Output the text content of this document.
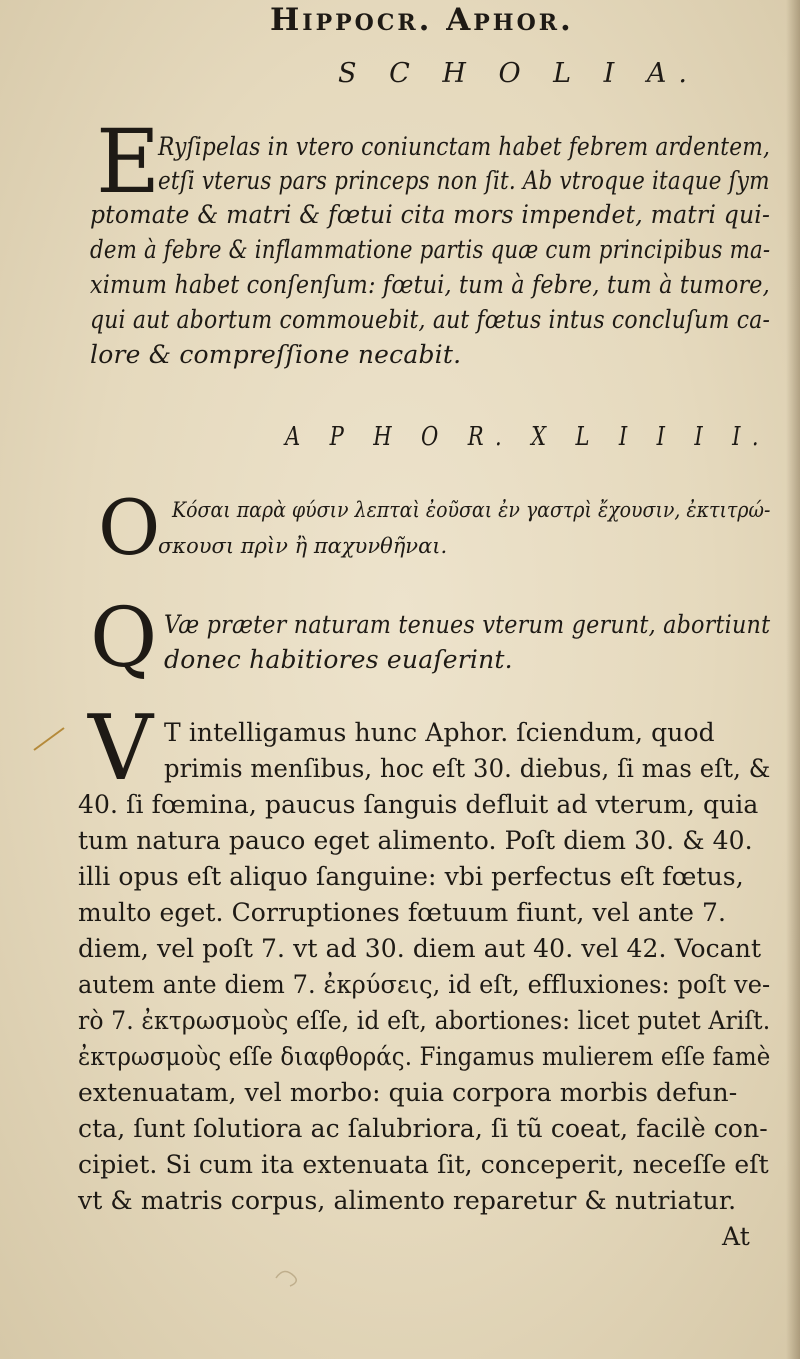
Hippocr. Aphor.
S C H O L I A.
E
Ryſipelas in vtero coniunctam habet febrem ardentem,
etſi vterus pars princeps non ſit. Ab vtroque itaque ſym
ptomate & matri & fœtui cita mors impendet, matri qui-
dem à febre & inflammatione partis quæ cum principibus ma-
ximum habet conſenſum: fœtui, tum à febre, tum à tumore,
qui aut abortum commouebit, aut fœtus intus concluſum ca-
lore & compreſſione necabit.
A P H O R. X L I I I I.
O Κόσαι παρὰ φύσιν λεπταὶ ἐοῦσαι ἐν γαστρὶ ἔχουσιν, ἐκτιτρώ-
σκουσι πρὶν ἢ παχυνθῆναι.
Q Væ præter naturam tenues vterum gerunt, abortiunt
donec habitiores euaſerint.
V T intelligamus hunc Aphor. ſciendum, quod
primis menſibus, hoc eſt 30. diebus, ſi mas eſt, &
40. ſi fœmina, paucus ſanguis defluit ad vterum, quia
tum natura pauco eget alimento. Poſt diem 30. & 40.
illi opus eſt aliquo ſanguine: vbi perfectus eſt fœtus,
multo eget. Corruptiones fœtuum fiunt, vel ante 7.
diem, vel poſt 7. vt ad 30. diem aut 40. vel 42. Vocant
autem ante diem 7. ἐκρύσεις, id eſt, effluxiones: poſt ve-
rò 7. ἐκτρωσμοὺς eſſe, id eſt, abortiones: licet putet Ariſt.
ἐκτρωσμοὺς eſſe διαφθοράς. Fingamus mulierem eſſe famè
extenuatam, vel morbo: quia corpora morbis defun-
cta, ſunt ſolutiora ac ſalubriora, ſi tũ coeat, facilè con-
cipiet. Si cum ita extenuata ſit, conceperit, neceſſe eſt
vt & matris corpus, alimento reparetur & nutriatur.
At
